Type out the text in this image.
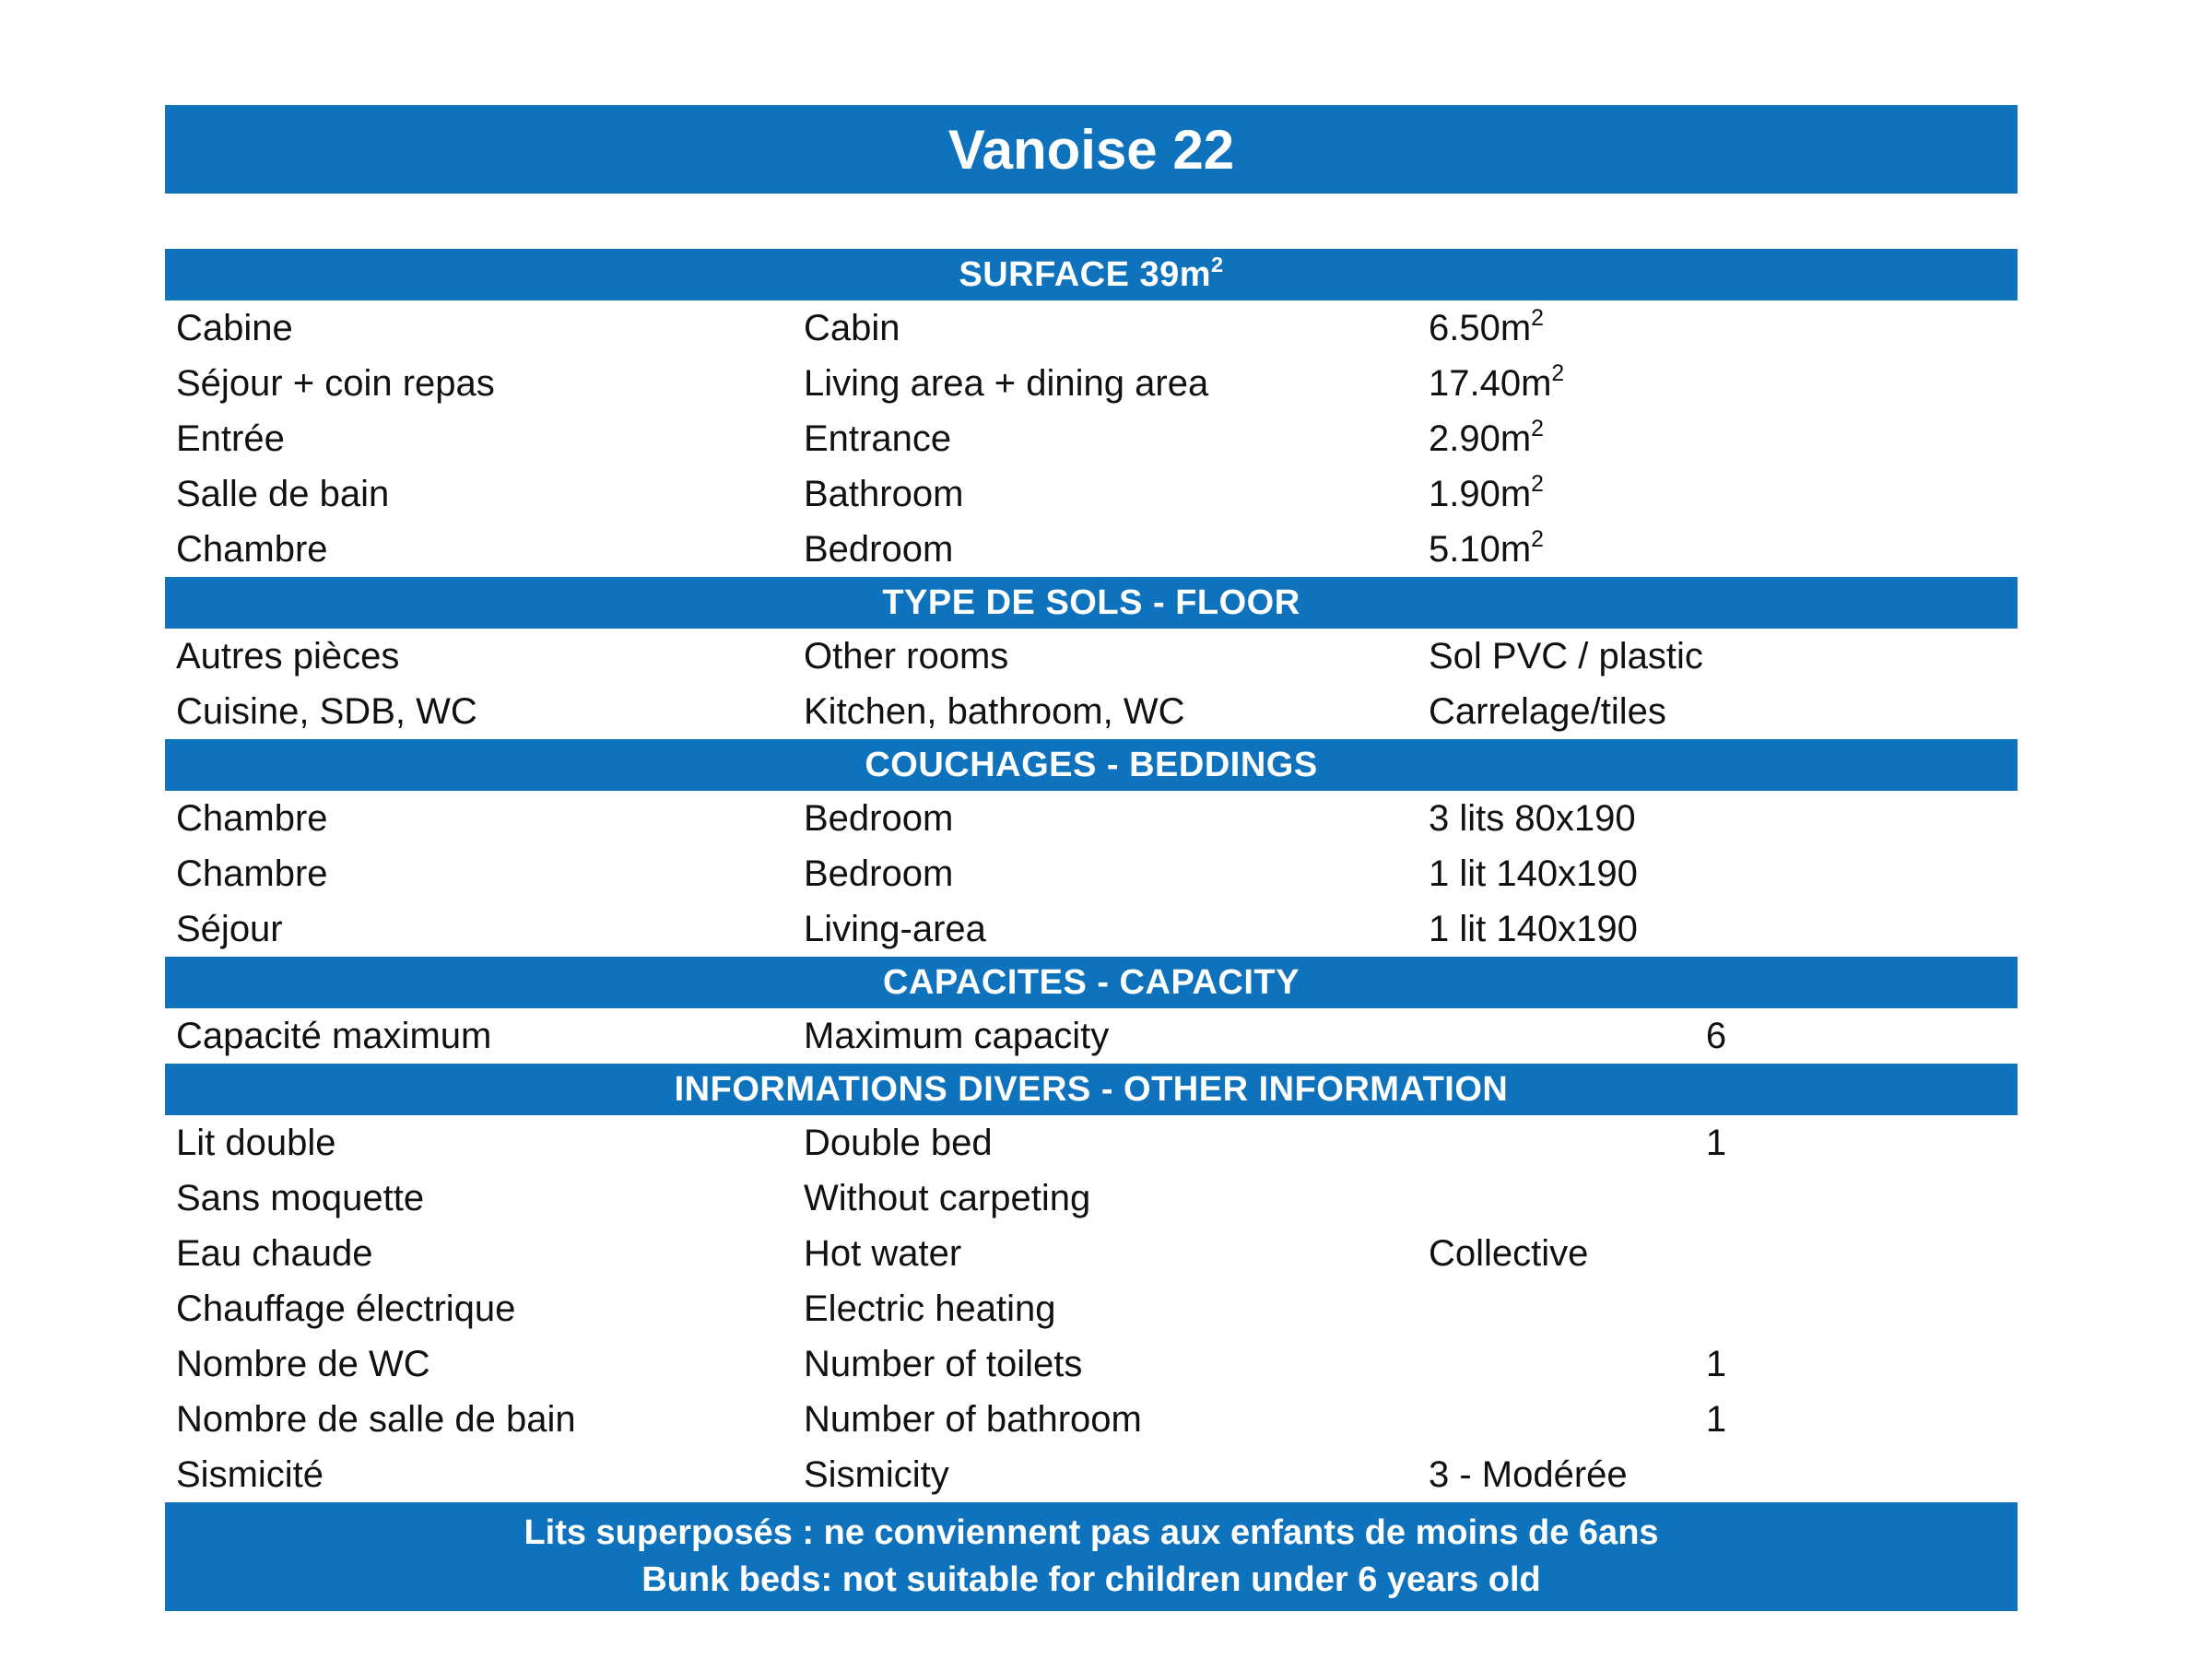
Vanoise 22
SURFACE $39m^2$
Cabine	Cabin	$6.50m^2$
Séjour + coin repas	Living area + dining area	$17.40m^2$
Entrée	Entrance	$2.90m^2$
Salle de bain	Bathroom	$1.90m^2$
Chambre	Bedroom	$5.10m^2$
TYPE DE SOLS - FLOOR
Autres pièces	Other rooms	Sol PVC / plastic
Cuisine, SDB, WC	Kitchen, bathroom, WC	Carrelage/tiles
COUCHAGES - BEDDINGS
Chambre	Bedroom	3 lits 80x190
Chambre	Bedroom	1 lit 140x190
Séjour	Living-area	1 lit 140x190
CAPACITES - CAPACITY
Capacité maximum	Maximum capacity	6
INFORMATIONS DIVERS - OTHER INFORMATION
Lit double	Double bed	1
Sans moquette	Without carpeting
Eau chaude	Hot water	Collective
Chauffage électrique	Electric heating
Nombre de WC	Number of toilets	1
Nombre de salle de bain	Number of bathroom	1
Sismicité	Sismicity	3 - Modérée
Lits superposés : ne conviennent pas aux enfants de moins de 6ans
Bunk beds: not suitable for children under 6 years old
